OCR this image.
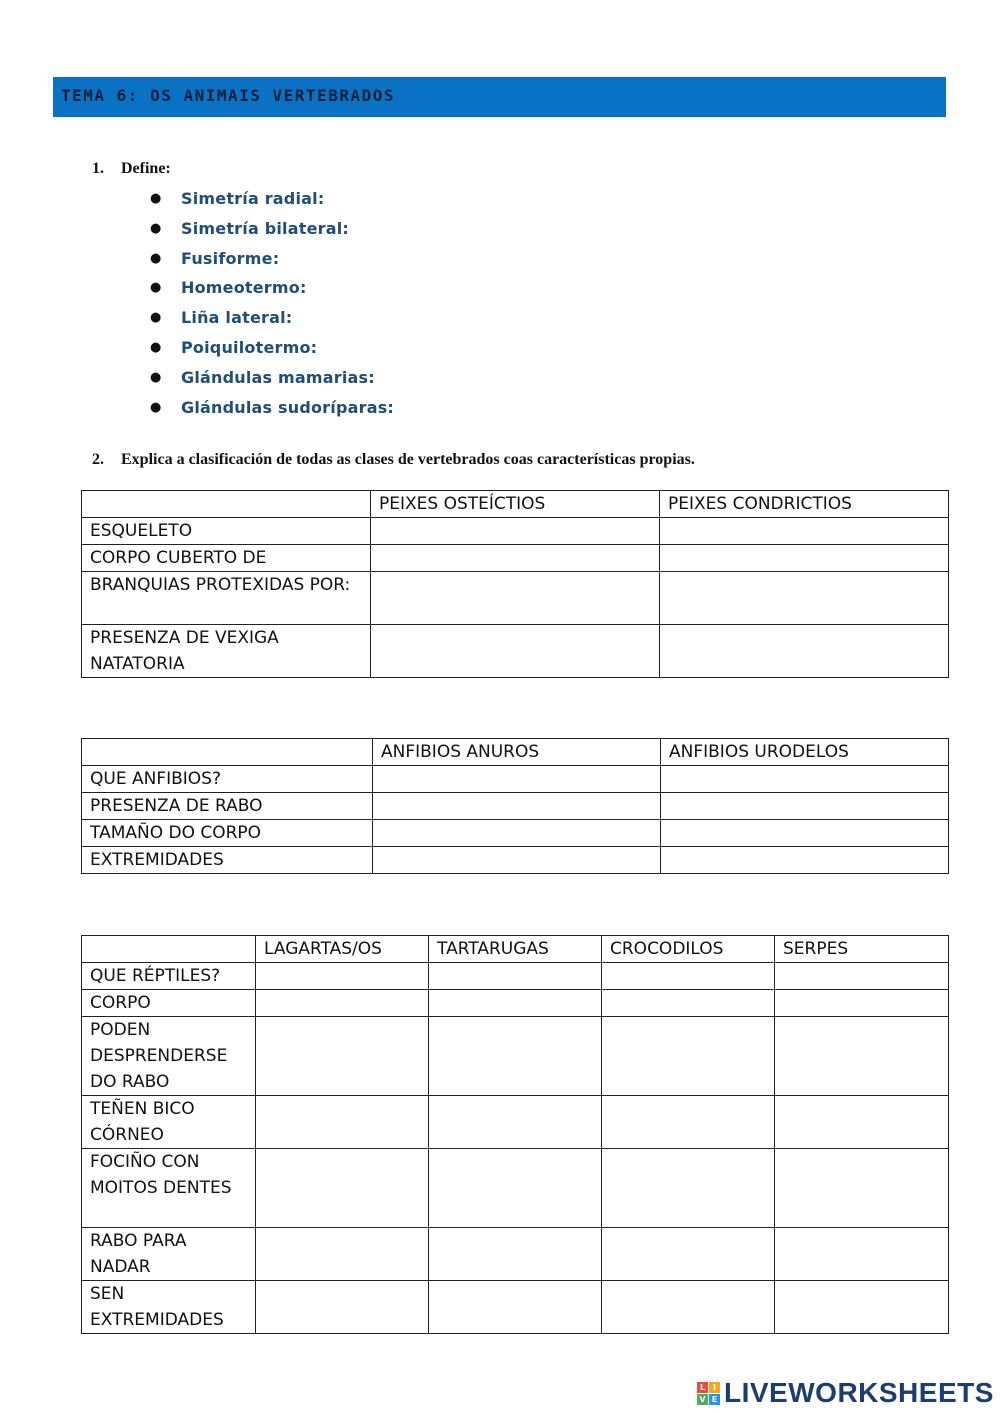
TEMA 6: OS ANIMAIS VERTEBRADOS
1. Define:
● Simetría radial:
● Simetría bilateral:
● Fusiforme:
● Homeotermo:
● Liña lateral:
● Poiquilotermo:
● Glándulas mamarias:
● Glándulas sudoríparas:
2. Explica a clasificación de todas as clases de vertebrados coas características propias.
	PEIXES OSTEÍCTIOS	PEIXES CONDRICTIOS
ESQUELETO		
CORPO CUBERTO DE		
BRANQUIAS PROTEXIDAS POR:		
PRESENZA DE VEXIGA NATATORIA		
	ANFIBIOS ANUROS	ANFIBIOS URODELOS
QUE ANFIBIOS?		
PRESENZA DE RABO		
TAMAÑO DO CORPO		
EXTREMIDADES		
	LAGARTAS/OS	TARTARUGAS	CROCODILOS	SERPES
QUE RÉPTILES?				
CORPO				
PODEN DESPRENDERSE DO RABO				
TEÑEN BICO CÓRNEO				
FOCIÑO CON MOITOS DENTES				
RABO PARA NADAR				
SEN EXTREMIDADES				
L I
V E LIVEWORKSHEETS
